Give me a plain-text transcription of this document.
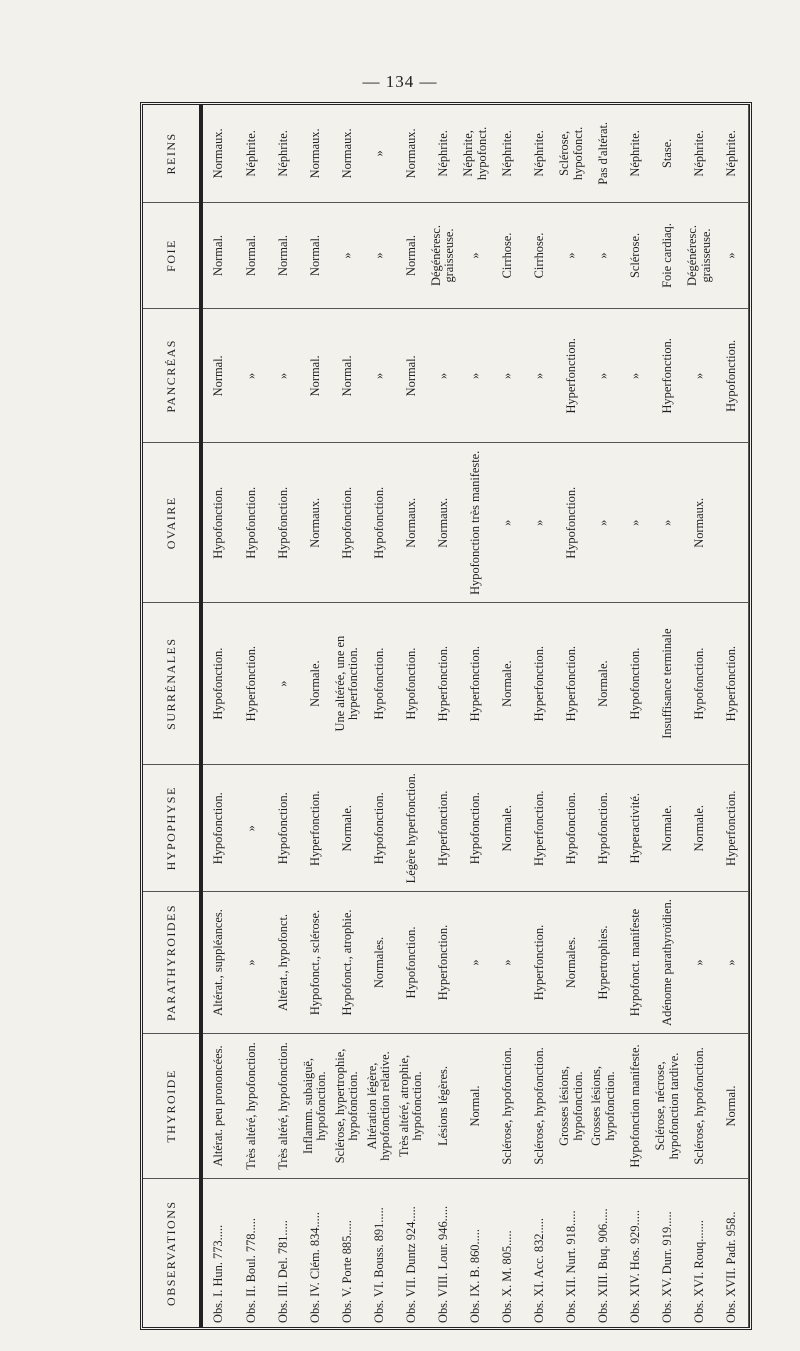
— 134 —
OBSERVATIONS	THYROIDE	PARATHYROIDES	HYPOPHYSE	SURRÉNALES	OVAIRE	PANCRÉAS	FOIE	REINS
Obs. I. Hun. 773.....	Altérat. peu prononcées.	Altérat., suppléances.	Hypofonction.	Hypofonction.	Hypofonction.	Normal.	Normal.	Normaux.
Obs. II. Boul. 778.....	Très altéré, hypofonction.	»	»	Hyperfonction.	Hypofonction.	»	Normal.	Néphrite.
Obs. III. Del. 781.....	Très altéré, hypofonction.	Altérat., hypofonct.	Hypofonction.	»	Hypofonction.	»	Normal.	Néphrite.
Obs. IV. Clém. 834.....	Inflamm. subaiguë, hypofonction.	Hypofonct., sclérose.	Hyperfonction.	Normale.	Normaux.	Normal.	Normal.	Normaux.
Obs. V. Porte 885.....	Sclérose, hypertrophie, hypofonction.	Hypofonct., atrophie.	Normale.	Une altérée, une en hyperfonction.	Hypofonction.	Normal.	»	Normaux.
Obs. VI. Bouss. 891.....	Altération légère, hypofonction relative.	Normales.	Hypofonction.	Hypofonction.	Hypofonction.	»	»	»
Obs. VII. Duntz 924.....	Très altéré, atrophie, hypofonction.	Hypofonction.	Légère hyperfonction.	Hypofonction.	Normaux.	Normal.	Normal.	Normaux.
Obs. VIII. Lour. 946.....	Lésions légères.	Hyperfonction.	Hyperfonction.	Hyperfonction.	Normaux.	»	Dégénéresc. graisseuse.	Néphrite.
Obs. IX. B. 860.....	Normal.	»	Hypofonction.	Hyperfonction.	Hypofonction très manifeste.	»	»	Néphrite, hypofonct.
Obs. X. M. 805.....	Sclérose, hypofonction.	»	Normale.	Normale.	»	»	Cirrhose.	Néphrite.
Obs. XI. Acc. 832.....	Sclérose, hypofonction.	Hyperfonction.	Hyperfonction.	Hyperfonction.	»	»	Cirrhose.	Néphrite.
Obs. XII. Nurt. 918.....	Grosses lésions, hypofonction.	Normales.	Hypofonction.	Hyperfonction.	Hypofonction.	Hyperfonction.	»	Sclérose, hypofonct.
Obs. XIII. Buq. 906.....	Grosses lésions, hypofonction.	Hypertrophies.	Hypofonction.	Normale.	»	»	»	Pas d'altérat.
Obs. XIV. Hos. 929.....	Hypofonction manifeste.	Hypofonct. manifeste	Hyperactivité.	Hypofonction.	»	»	Sclérose.	Néphrite.
Obs. XV. Durr. 919.....	Sclérose, nécrose, hypofonction tardive.	Adénome parathyroïdien.	Normale.	Insuffisance terminale	»	Hyperfonction.	Foie cardiaq.	Stase.
Obs. XVI. Rouq.......	Sclérose, hypofonction.	»	Normale.	Hypofonction.	Normaux.	»	Dégénéresc. graisseuse.	Néphrite.
Obs. XVII. Padr. 958..	Normal.	»	Hyperfonction.	Hyperfonction.		Hypofonction.	»	Néphrite.
